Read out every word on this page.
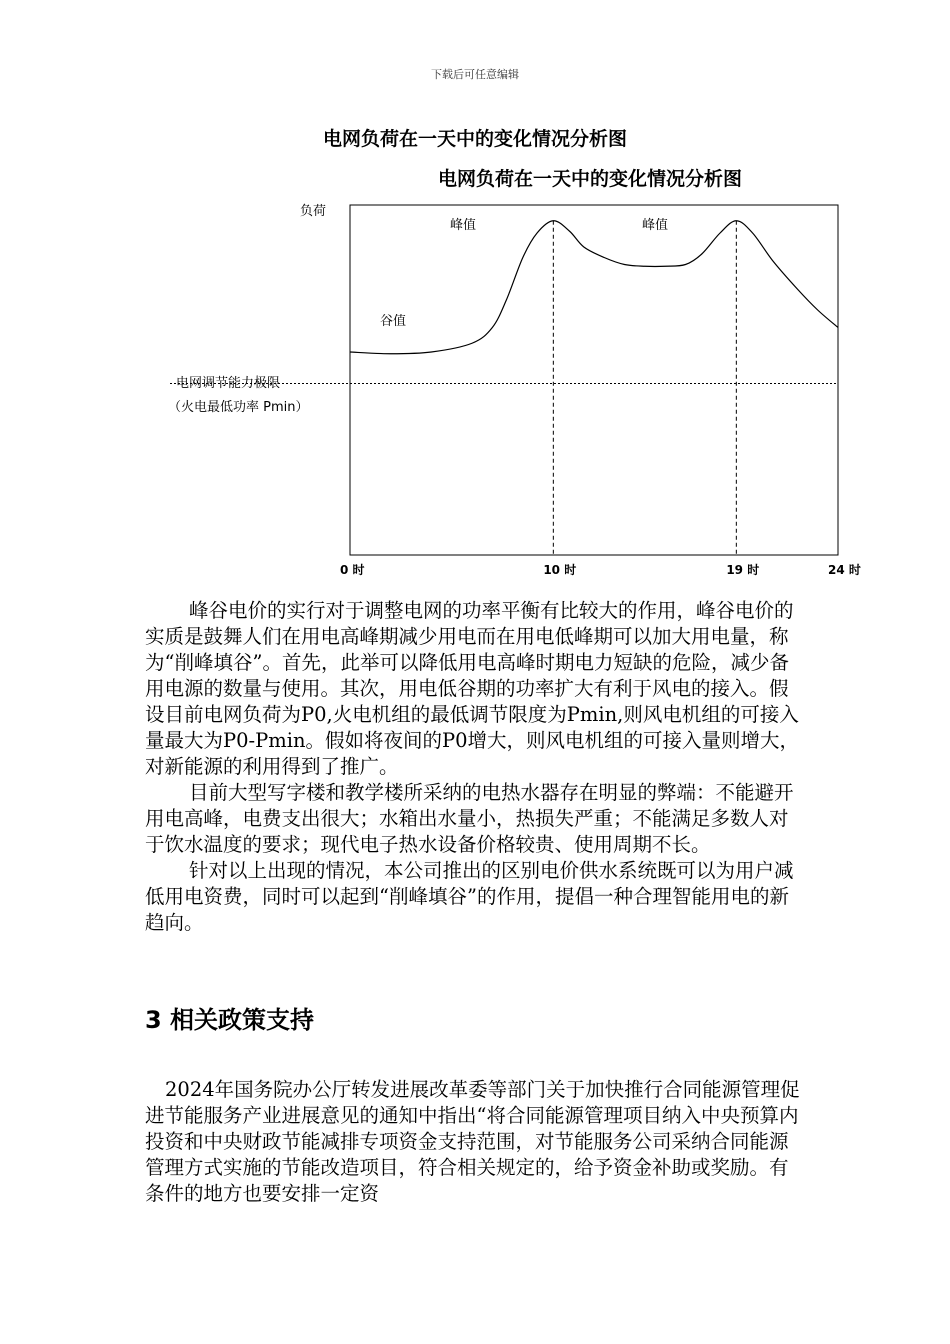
下载后可任意编辑
电网负荷在一天中的变化情况分析图
电网负荷在一天中的变化情况分析图
负荷
电网调节能力极限
（火电最低功率 Pmin）
谷值
峰值	峰值
0 时	10 时	19 时	24 时

峰谷电价的实行对于调整电网的功率平衡有比较大的作用，峰谷电价的实质是鼓舞人们在用电高峰期减少用电而在用电低峰期可以加大用电量，称为“削峰填谷”。首先，此举可以降低用电高峰时期电力短缺的危险，减少备用电源的数量与使用。其次，用电低谷期的功率扩大有利于风电的接入。假设目前电网负荷为P0,火电机组的最低调节限度为Pmin,则风电机组的可接入量最大为P0-Pmin。假如将夜间的P0增大，则风电机组的可接入量则增大，对新能源的利用得到了推广。

目前大型写字楼和教学楼所采纳的电热水器存在明显的弊端：不能避开用电高峰，电费支出很大；水箱出水量小，热损失严重；不能满足多数人对于饮水温度的要求；现代电子热水设备价格较贵、使用周期不长。

针对以上出现的情况，本公司推出的区别电价供水系统既可以为用户减低用电资费，同时可以起到“削峰填谷”的作用，提倡一种合理智能用电的新趋向。

3 相关政策支持
2024年国务院办公厅转发进展改革委等部门关于加快推行合同能源管理促进节能服务产业进展意见的通知中指出“将合同能源管理项目纳入中央预算内投资和中央财政节能减排专项资金支持范围，对节能服务公司采纳合同能源管理方式实施的节能改造项目，符合相关规定的，给予资金补助或奖励。有条件的地方也要安排一定资
